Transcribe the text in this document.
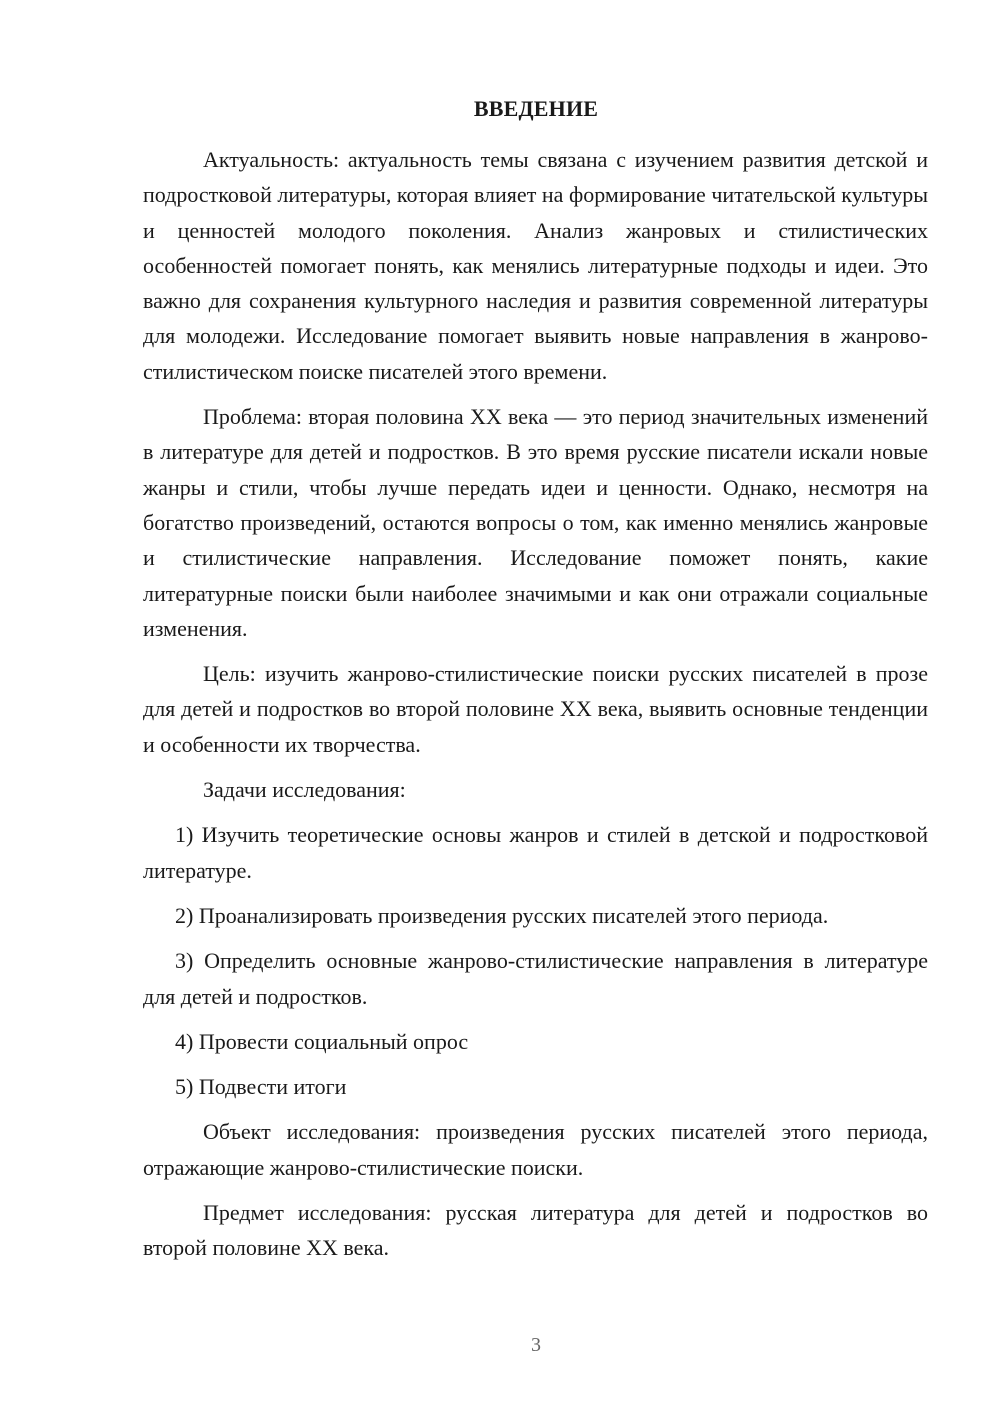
ВВЕДЕНИЕ

Актуальность: актуальность темы связана с изучением развития детской и подростковой литературы, которая влияет на формирование читательской культуры и ценностей молодого поколения. Анализ жанровых и стилистических особенностей помогает понять, как менялись литературные подходы и идеи. Это важно для сохранения культурного наследия и развития современной литературы для молодежи. Исследование помогает выявить новые направления в жанрово-стилистическом поиске писателей этого времени.

Проблема: вторая половина XX века — это период значительных изменений в литературе для детей и подростков. В это время русские писатели искали новые жанры и стили, чтобы лучше передать идеи и ценности. Однако, несмотря на богатство произведений, остаются вопросы о том, как именно менялись жанровые и стилистические направления. Исследование поможет понять, какие литературные поиски были наиболее значимыми и как они отражали социальные изменения.

Цель: изучить жанрово-стилистические поиски русских писателей в прозе для детей и подростков во второй половине XX века, выявить основные тенденции и особенности их творчества.

Задачи исследования:

1) Изучить теоретические основы жанров и стилей в детской и подростковой литературе.

2) Проанализировать произведения русских писателей этого периода.

3) Определить основные жанрово-стилистические направления в литературе для детей и подростков.

4) Провести социальный опрос

5) Подвести итоги

Объект исследования: произведения русских писателей этого периода, отражающие жанрово-стилистические поиски.

Предмет исследования: русская литература для детей и подростков во второй половине XX века.

3
